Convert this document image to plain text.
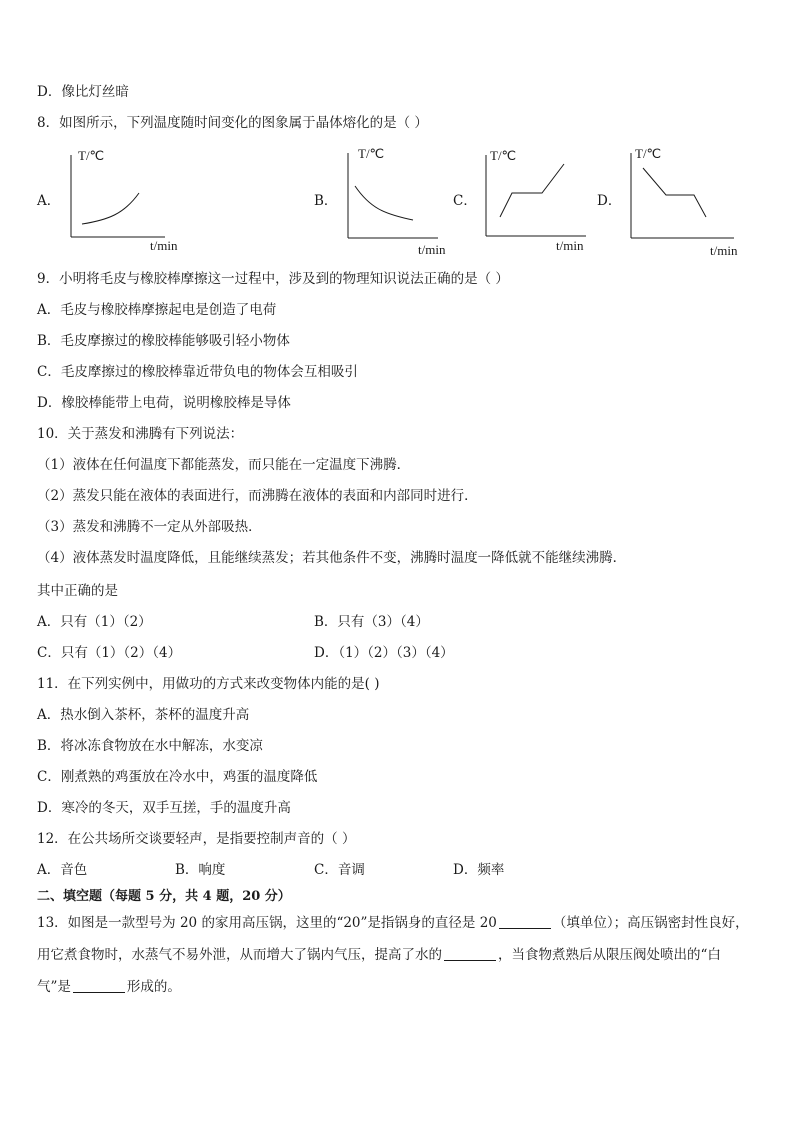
D．像比灯丝暗
8．如图所示，下列温度随时间变化的图象属于晶体熔化的是（ ）
A．
T/℃
t/min
B．
T/℃
t/min
C．
T/℃
t/min
D．
T/℃
t/min
9．小明将毛皮与橡胶棒摩擦这一过程中，涉及到的物理知识说法正确的是（ ）
A．毛皮与橡胶棒摩擦起电是创造了电荷
B．毛皮摩擦过的橡胶棒能够吸引轻小物体
C．毛皮摩擦过的橡胶棒靠近带负电的物体会互相吸引
D．橡胶棒能带上电荷，说明橡胶棒是导体
10．关于蒸发和沸腾有下列说法：
（1）液体在任何温度下都能蒸发，而只能在一定温度下沸腾．
（2）蒸发只能在液体的表面进行，而沸腾在液体的表面和内部同时进行．
（3）蒸发和沸腾不一定从外部吸热．
（4）液体蒸发时温度降低，且能继续蒸发；若其他条件不变，沸腾时温度一降低就不能继续沸腾．
其中正确的是
A．只有（1）（2）	B．只有（3）（4）
C．只有（1）（2）（4）	D．（1）（2）（3）（4）
11．在下列实例中，用做功的方式来改变物体内能的是( )
A．热水倒入茶杯，茶杯的温度升高
B．将冰冻食物放在水中解冻，水变凉
C．刚煮熟的鸡蛋放在冷水中，鸡蛋的温度降低
D．寒冷的冬天，双手互搓，手的温度升高
12．在公共场所交谈要轻声，是指要控制声音的（ ）
A．音色	B．响度	C．音调	D．频率
二、填空题（每题 5 分，共 4 题，20 分）
13．如图是一款型号为 20 的家用高压锅，这里的“20”是指锅身的直径是 20	（填单位）；高压锅密封性良好，
用它煮食物时，水蒸气不易外泄，从而增大了锅内气压，提高了水的	，当食物煮熟后从限压阀处喷出的“白
气”是	形成的。
